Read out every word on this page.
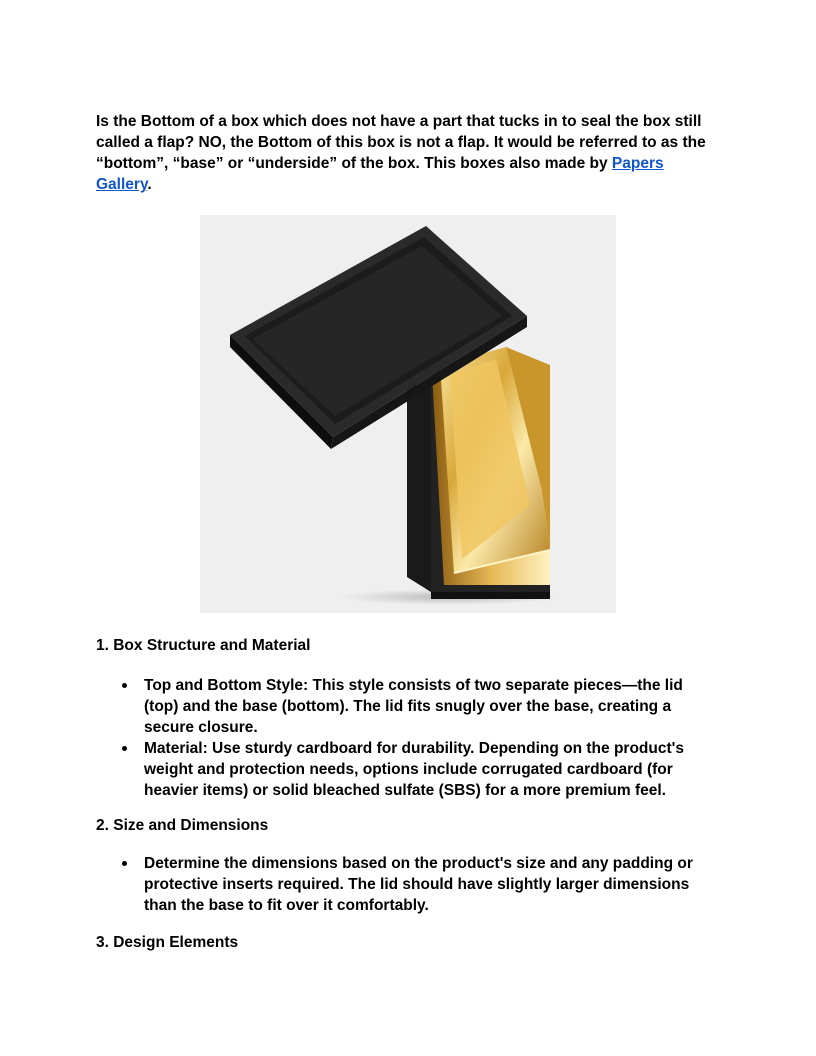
Is the Bottom of a box which does not have a part that tucks in to seal the box still called a flap? NO, the Bottom of this box is not a flap. It would be referred to as the “bottom”, “base” or “underside” of the box. This boxes also made by Papers Gallery.

1. Box Structure and Material
Top and Bottom Style: This style consists of two separate pieces—the lid (top) and the base (bottom). The lid fits snugly over the base, creating a secure closure.
Material: Use sturdy cardboard for durability. Depending on the product's weight and protection needs, options include corrugated cardboard (for heavier items) or solid bleached sulfate (SBS) for a more premium feel.
2. Size and Dimensions
Determine the dimensions based on the product's size and any padding or protective inserts required. The lid should have slightly larger dimensions than the base to fit over it comfortably.
3. Design Elements
